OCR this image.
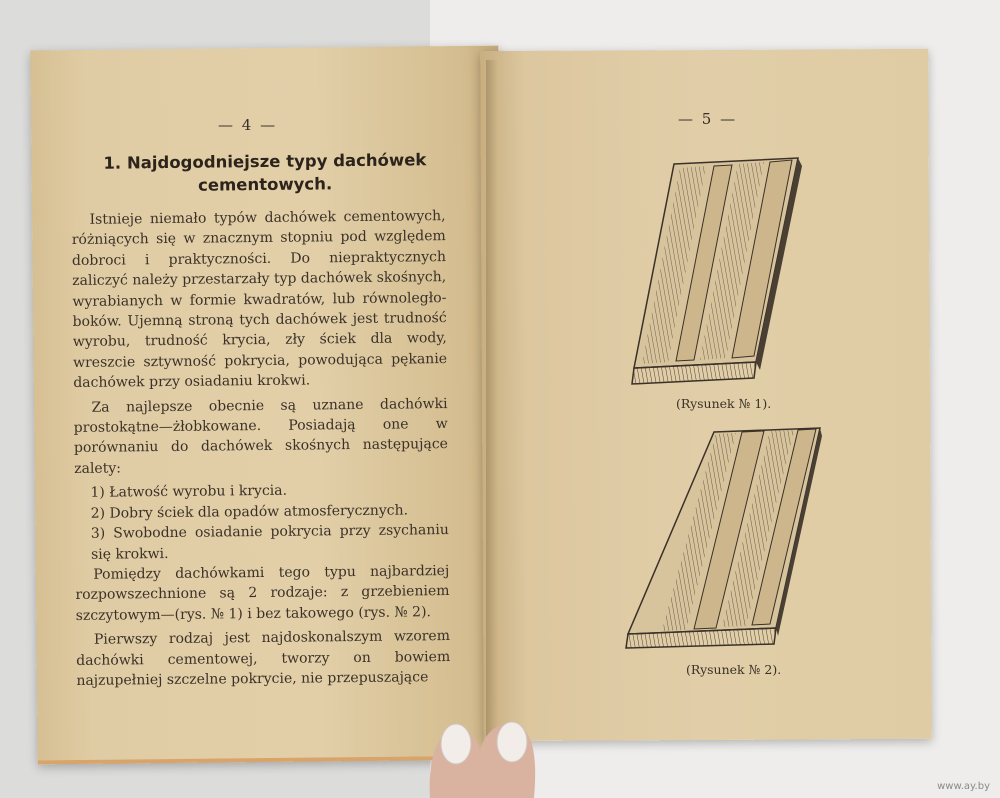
— 4 —
1. Najdogodniejsze typy dachówek cementowych.

Istnieje niemało typów dachówek cementowych, różniących się w znacznym stopniu pod względem dobroci i praktyczności. Do niepraktycznych zaliczyć należy przestarzały typ dachówek skośnych, wyrabianych w formie kwadratów, lub równoległo-boków. Ujemną stroną tych dachówek jest trudność wyrobu, trudność krycia, zły ściek dla wody, wreszcie sztywność pokrycia, powodująca pękanie dachówek przy osiadaniu krokwi.

Za najlepsze obecnie są uznane dachówki prostokątne—żłobkowane. Posiadają one w porównaniu do dachówek skośnych następujące zalety:

1) Łatwość wyrobu i krycia.

2) Dobry ściek dla opadów atmosferycznych.

3) Swobodne osiadanie pokrycia przy zsychaniu się krokwi.

Pomiędzy dachówkami tego typu najbardziej rozpowszechnione są 2 rodzaje: z grzebieniem szczytowym—(rys. № 1) i bez takowego (rys. № 2).

Pierwszy rodzaj jest najdoskonalszym wzorem dachówki cementowej, tworzy on bowiem najzupełniej szczelne pokrycie, nie przepuszające

— 5 —
(Rysunek № 1).
(Rysunek № 2).
www.ay.by
